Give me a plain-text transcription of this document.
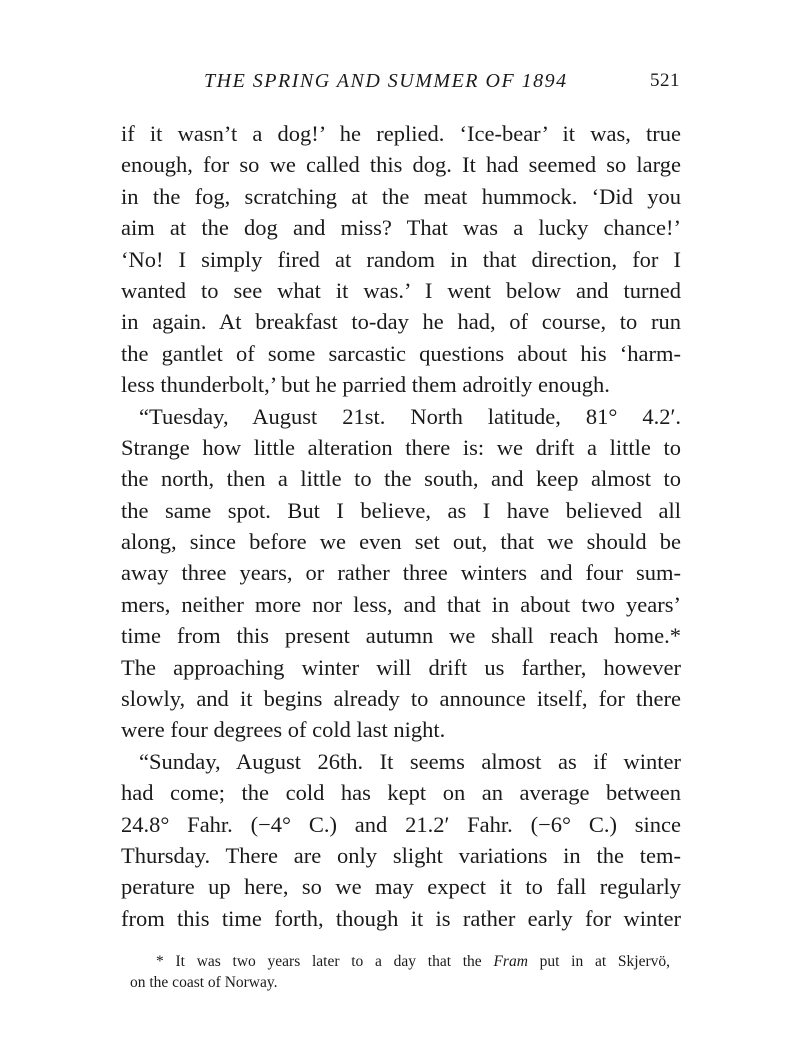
THE SPRING AND SUMMER OF 1894	521
if it wasn’t a dog!’ he replied. ‘Ice-bear’ it was, true
enough, for so we called this dog. It had seemed so large
in the fog, scratching at the meat hummock. ‘Did you
aim at the dog and miss? That was a lucky chance!’
‘No! I simply fired at random in that direction, for I
wanted to see what it was.’ I went below and turned
in again. At breakfast to-day he had, of course, to run
the gantlet of some sarcastic questions about his ‘harm-
less thunderbolt,’ but he parried them adroitly enough.
“Tuesday, August 21st. North latitude, 81° 4.2′.
Strange how little alteration there is: we drift a little to
the north, then a little to the south, and keep almost to
the same spot. But I believe, as I have believed all
along, since before we even set out, that we should be
away three years, or rather three winters and four sum-
mers, neither more nor less, and that in about two years’
time from this present autumn we shall reach home.*
The approaching winter will drift us farther, however
slowly, and it begins already to announce itself, for there
were four degrees of cold last night.
“Sunday, August 26th. It seems almost as if winter
had come; the cold has kept on an average between
24.8° Fahr. (−4° C.) and 21.2′ Fahr. (−6° C.) since
Thursday. There are only slight variations in the tem-
perature up here, so we may expect it to fall regularly
from this time forth, though it is rather early for winter
* It was two years later to a day that the Fram put in at Skjervö,
on the coast of Norway.
